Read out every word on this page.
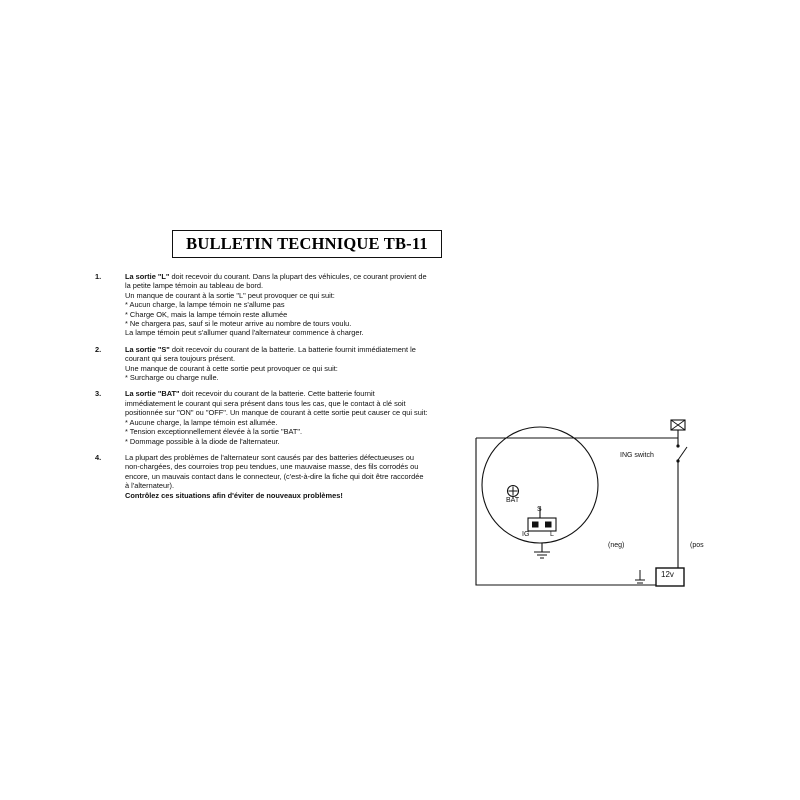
BULLETIN TECHNIQUE TB-11
1.	La sortie "L" doit recevoir du courant. Dans la plupart des véhicules, ce courant provient de

la petite lampe témoin au tableau de bord.

Un manque de courant à la sortie "L" peut provoquer ce qui suit:

* Aucun charge, la lampe témoin ne s'allume pas

* Charge OK, mais la lampe témoin reste allumée

* Ne chargera pas, sauf si le moteur arrive au nombre de tours voulu.

La lampe témoin peut s'allumer quand l'alternateur commence à charger.

2.	La sortie "S" doit recevoir du courant de la batterie. La batterie fournit immédiatement le

courant qui sera toujours présent.

Une manque de courant à cette sortie peut provoquer ce qui suit:

* Surcharge ou charge nulle.

3.	La sortie "BAT" doit recevoir du courant de la batterie. Cette batterie fournit

immédiatement le courant qui sera présent dans tous les cas, que le contact à clé soit

positionnée sur "ON" ou "OFF". Un manque de courant à cette sortie peut causer ce qui suit:

* Aucune charge, la lampe témoin est allumée.

* Tension exceptionnellement élevée à la sortie "BAT".

* Dommage possible à la diode de l'alternateur.

4.	La plupart des problèmes de l'alternateur sont causés par des batteries défectueuses ou

non-chargées, des courroies trop peu tendues, une mauvaise masse, des fils corrodés ou

encore, un mauvais contact dans le connecteur, (c'est-à-dire la fiche qui doit être raccordée

à l'alternateur).

Contrôlez ces situations afin d'éviter de nouveaux problèmes!

BAT
S
IG	L
ING switch
(neg)	(pos
12v
